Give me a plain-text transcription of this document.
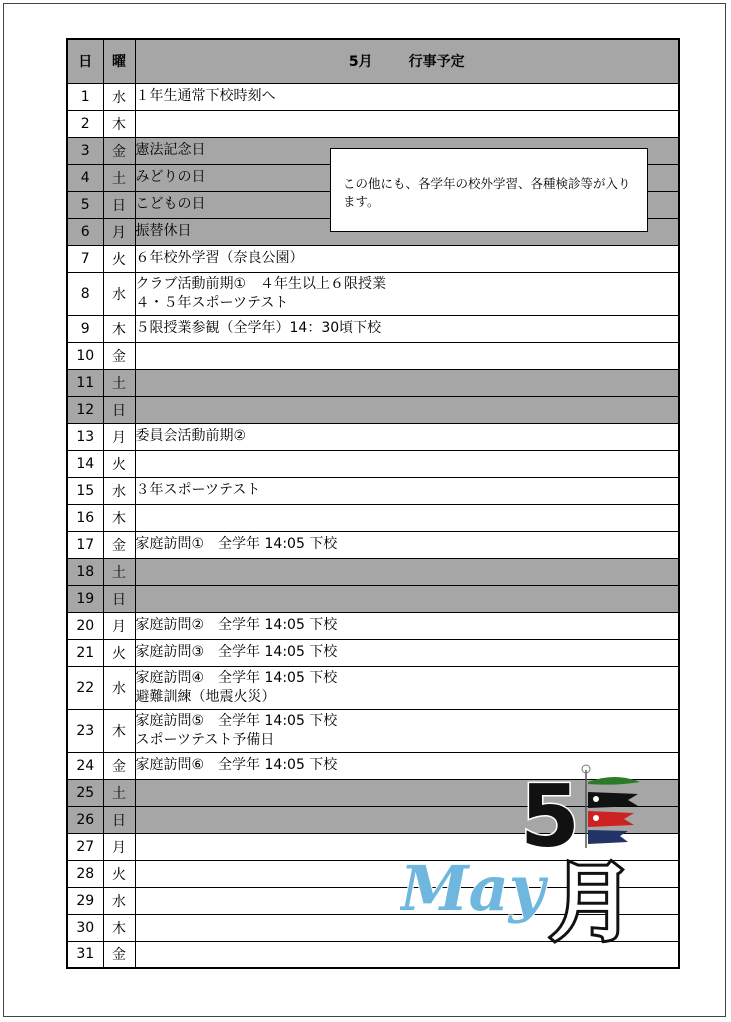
日	曜	5月 行事予定
1	水	１年生通常下校時刻へ

2	木	
3	金	憲法記念日

4	土	みどりの日

5	日	こどもの日

6	月	振替休日

7	火	６年校外学習（奈良公園）

8	水	クラブ活動前期①　４年生以上６限授業
４・５年スポーツテスト

9	木	５限授業参観（全学年）14：30頃下校

10	金	
11	土	
12	日	
13	月	委員会活動前期②

14	火	
15	水	３年スポーツテスト

16	木	
17	金	家庭訪問①　全学年 14:05 下校

18	土	
19	日	
20	月	家庭訪問②　全学年 14:05 下校

21	火	家庭訪問③　全学年 14:05 下校

22	水	家庭訪問④　全学年 14:05 下校
避難訓練（地震火災）

23	木	家庭訪問⑤　全学年 14:05 下校
スポーツテスト予備日

24	金	家庭訪問⑥　全学年 14:05 下校

25	土	
26	日	
27	月	
28	火	
29	水	
30	木	
31	金	
この他にも、各学年の校外学習、各種検診等が入ります。
5
月
May
